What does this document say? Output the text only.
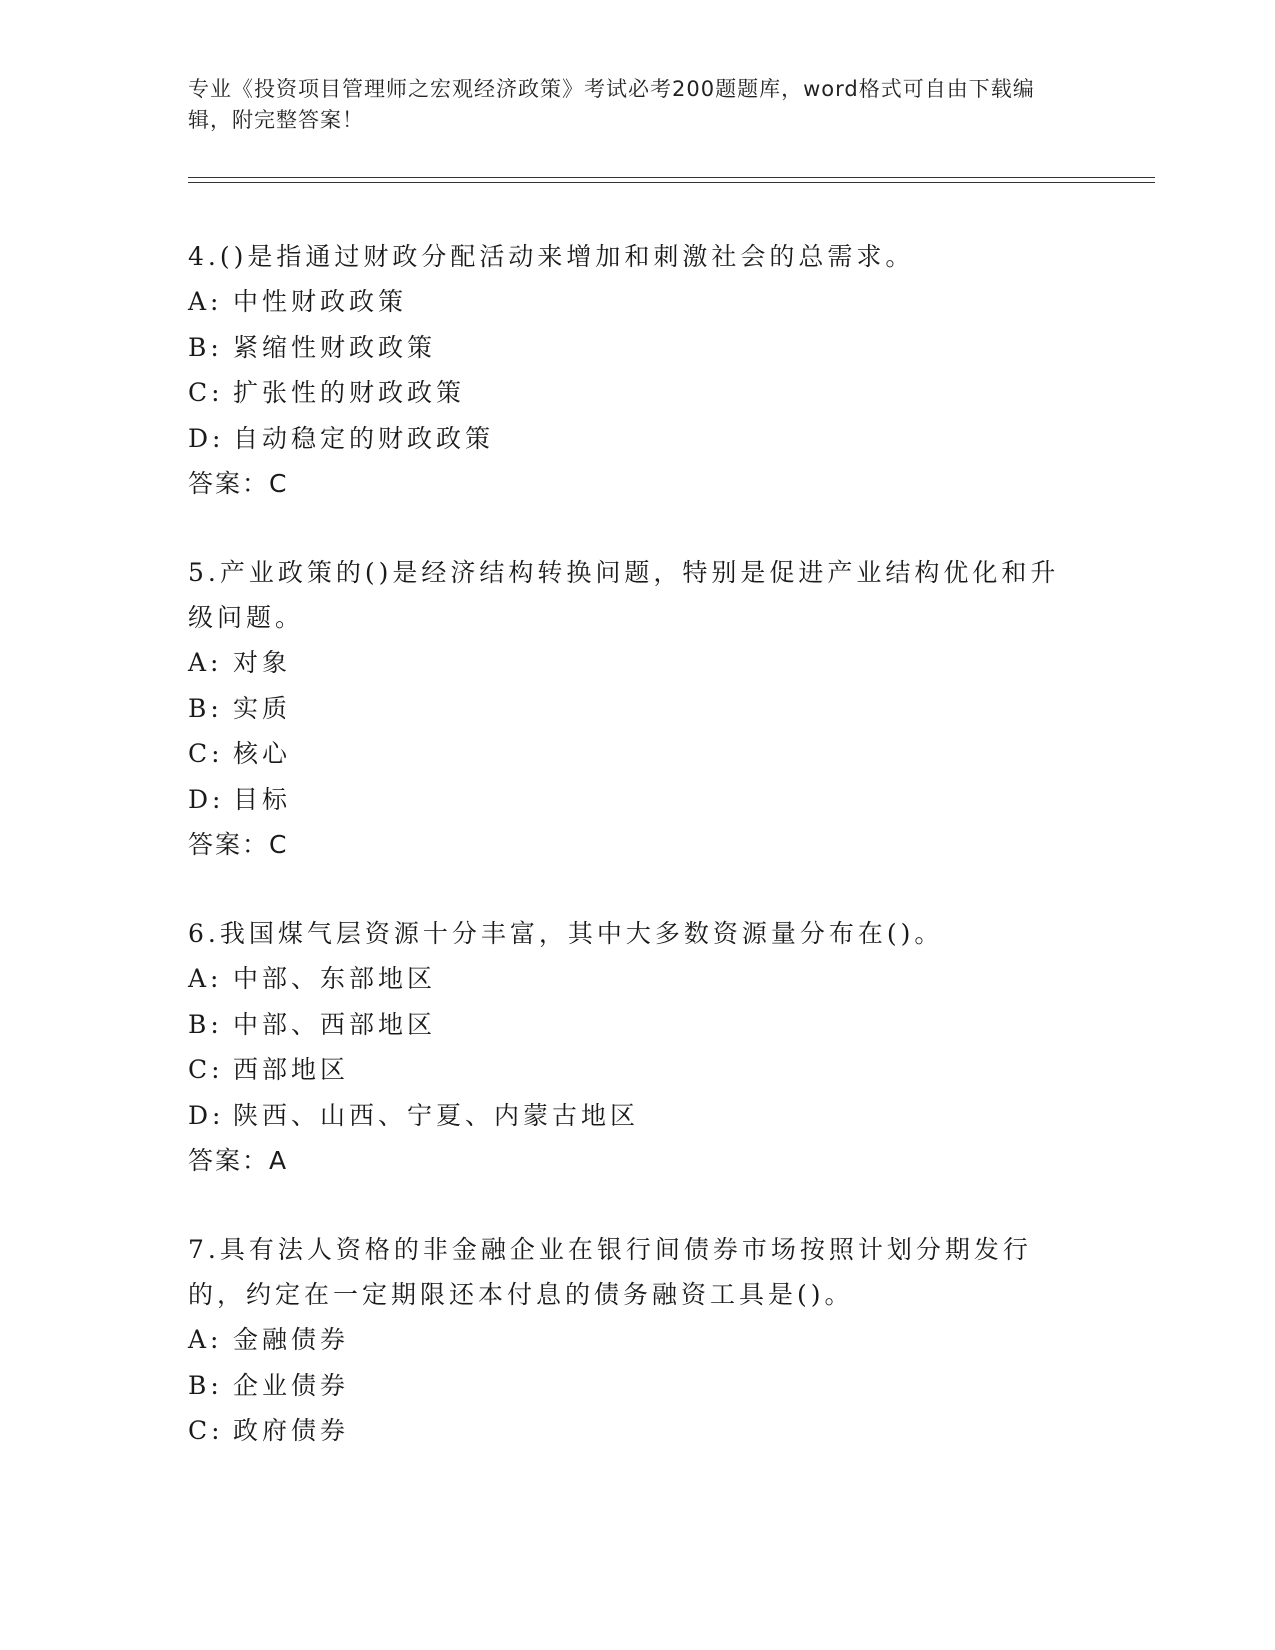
专业《投资项目管理师之宏观经济政策》考试必考200题题库，word格式可自由下载编辑，附完整答案！

4.()是指通过财政分配活动来增加和刺激社会的总需求。

A: 中性财政政策

B: 紧缩性财政政策

C: 扩张性的财政政策

D: 自动稳定的财政政策

答案：C

5.产业政策的()是经济结构转换问题，特别是促进产业结构优化和升级问题。

A: 对象

B: 实质

C: 核心

D: 目标

答案：C

6.我国煤气层资源十分丰富，其中大多数资源量分布在()。

A: 中部、东部地区

B: 中部、西部地区

C: 西部地区

D: 陕西、山西、宁夏、内蒙古地区

答案：A

7.具有法人资格的非金融企业在银行间债券市场按照计划分期发行的，约定在一定期限还本付息的债务融资工具是()。

A: 金融债券

B: 企业债券

C: 政府债券
